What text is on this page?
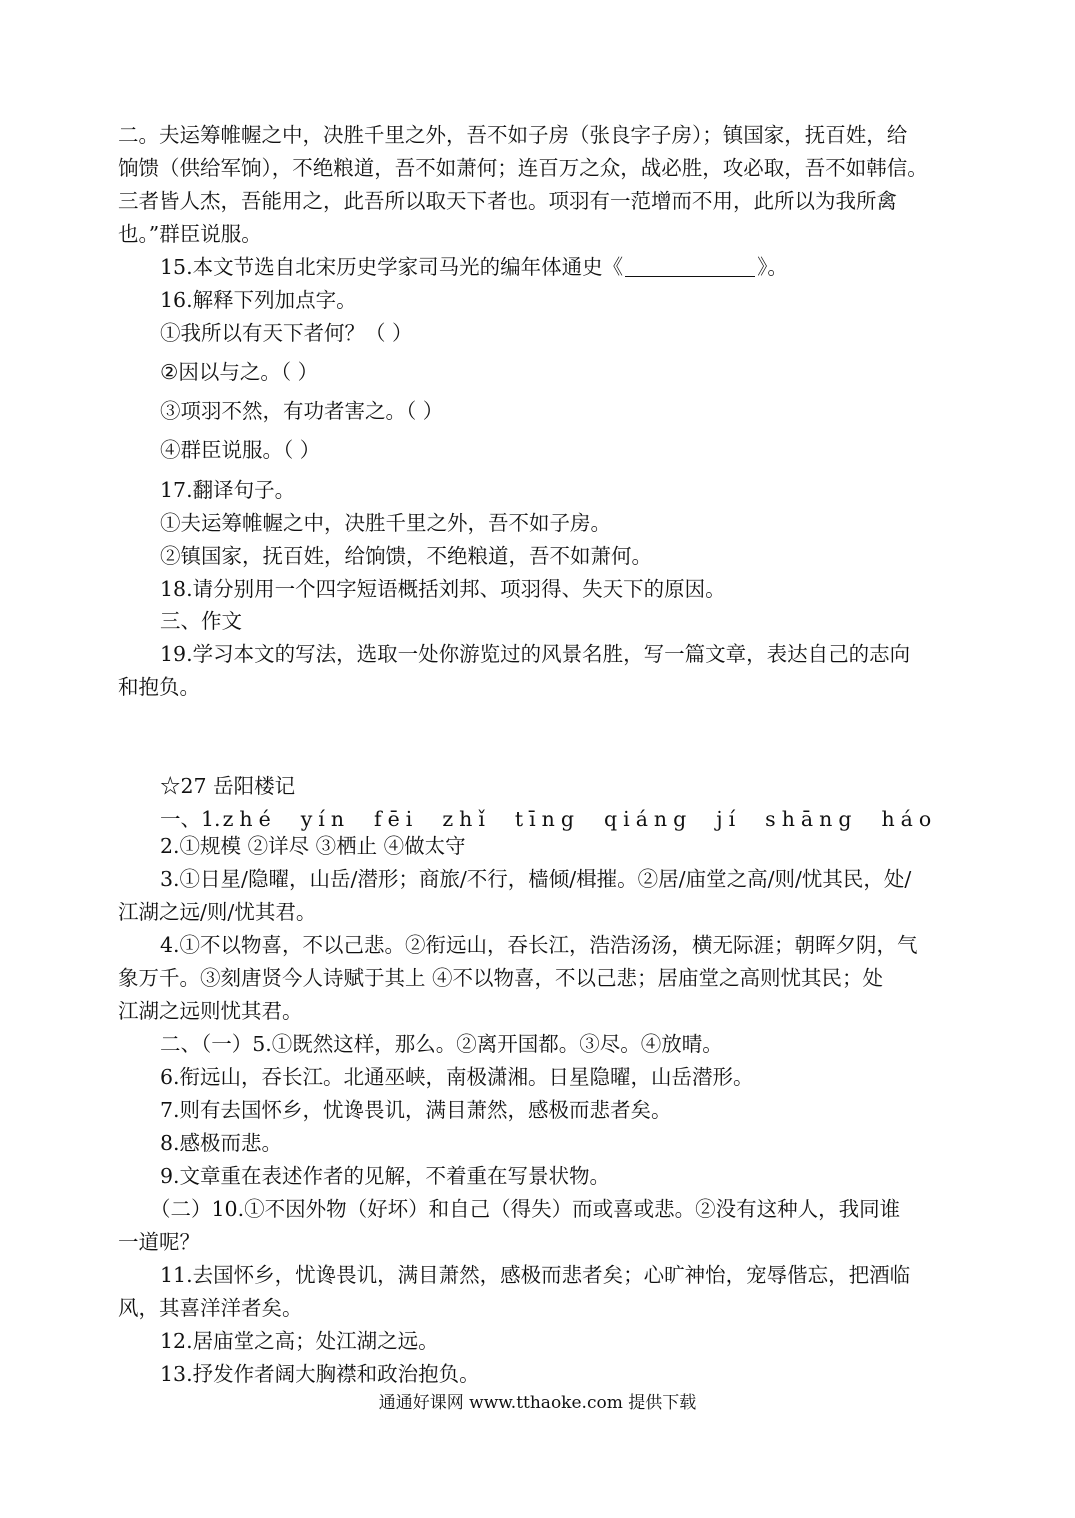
二。夫运筹帷幄之中，决胜千里之外，吾不如子房（张良字子房）；镇国家，抚百姓，给
饷馈（供给军饷），不绝粮道，吾不如萧何；连百万之众，战必胜，攻必取，吾不如韩信。
三者皆人杰，吾能用之，此吾所以取天下者也。项羽有一范增而不用，此所以为我所禽
也。”群臣说服。
15.本文节选自北宋历史学家司马光的编年体通史《	》。
16.解释下列加点字。
①我所以有天下者何？（ ）
②因以与之。（ ）
③项羽不然，有功者害之。（ ）
④群臣说服。（ ）
17.翻译句子。
①夫运筹帷幄之中，决胜千里之外，吾不如子房。
②镇国家，抚百姓，给饷馈，不绝粮道，吾不如萧何。
18.请分别用一个四字短语概括刘邦、项羽得、失天下的原因。
三、作文
19.学习本文的写法，选取一处你游览过的风景名胜，写一篇文章，表达自己的志向
和抱负。
☆27 岳阳楼记
一、1.zhé yín fēi zhǐ tīng qiáng jí shāng háo
2.①规模 ②详尽 ③栖止 ④做太守
3.①日星/隐曜，山岳/潜形；商旅/不行，樯倾/楫摧。②居/庙堂之高/则/忧其民，处/
江湖之远/则/忧其君。
4.①不以物喜，不以己悲。②衔远山，吞长江，浩浩汤汤，横无际涯；朝晖夕阴，气
象万千。③刻唐贤今人诗赋于其上 ④不以物喜，不以己悲；居庙堂之高则忧其民；处
江湖之远则忧其君。
二、（一）5.①既然这样，那么。②离开国都。③尽。④放晴。
6.衔远山，吞长江。北通巫峡，南极潇湘。日星隐曜，山岳潜形。
7.则有去国怀乡，忧谗畏讥，满目萧然，感极而悲者矣。
8.感极而悲。
9.文章重在表述作者的见解，不着重在写景状物。
（二）10.①不因外物（好坏）和自己（得失）而或喜或悲。②没有这种人，我同谁
一道呢？
11.去国怀乡，忧谗畏讥，满目萧然，感极而悲者矣；心旷神怡，宠辱偕忘，把酒临
风，其喜洋洋者矣。
12.居庙堂之高；处江湖之远。
13.抒发作者阔大胸襟和政治抱负。
通通好课网 www.tthaoke.com 提供下载
